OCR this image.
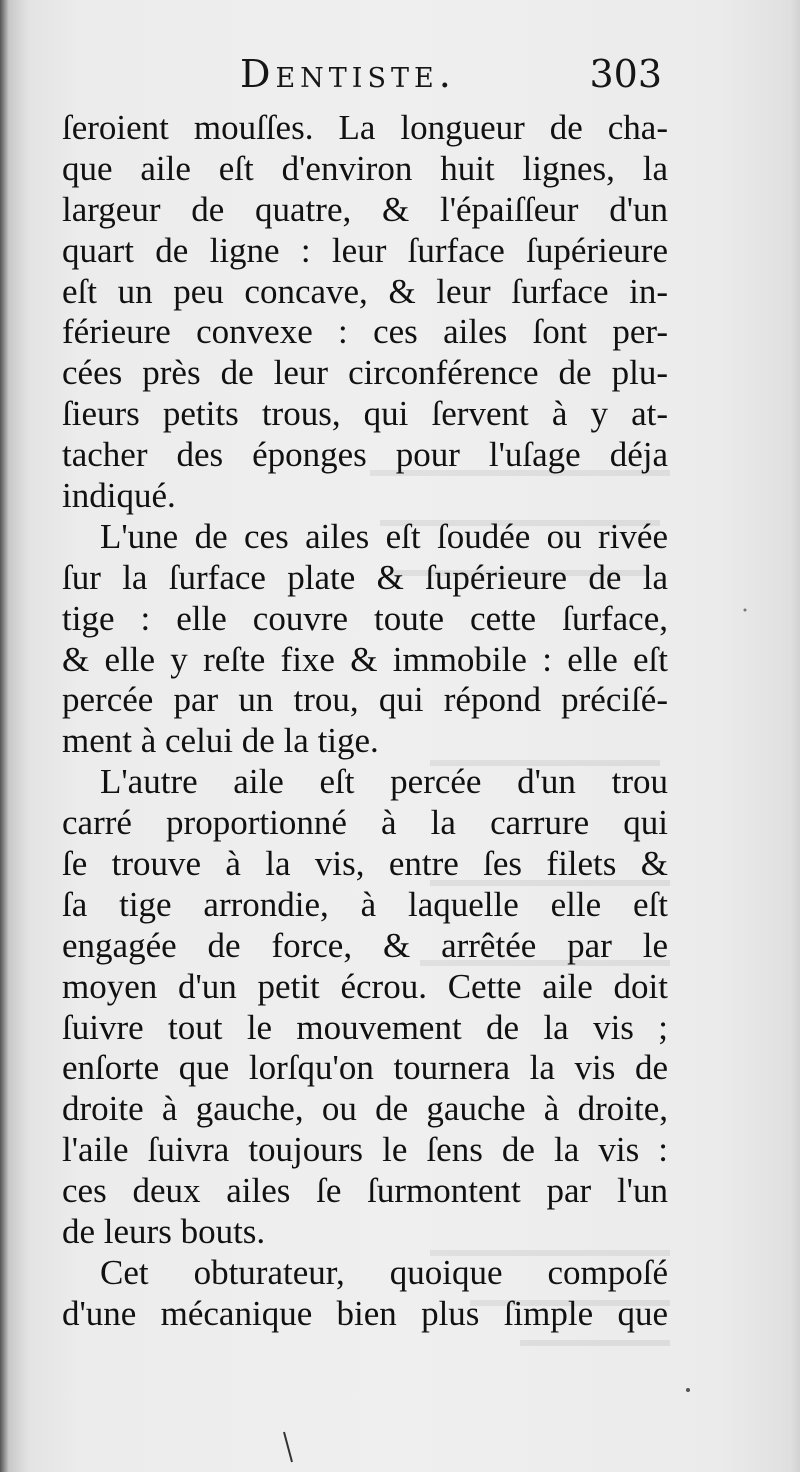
Dentiste.	303
ſeroient mouſſes. La longueur de cha-
que aile eſt d'environ huit lignes, la
largeur de quatre, & l'épaiſſeur d'un
quart de ligne : leur ſurface ſupérieure
eſt un peu concave, & leur ſurface in-
férieure convexe : ces ailes ſont per-
cées près de leur circonférence de plu-
ſieurs petits trous, qui ſervent à y at-
tacher des éponges pour l'uſage déja
indiqué.
L'une de ces ailes eſt ſoudée ou rivée
ſur la ſurface plate & ſupérieure de la
tige : elle couvre toute cette ſurface,
& elle y reſte fixe & immobile : elle eſt
percée par un trou, qui répond préciſé-
ment à celui de la tige.
L'autre aile eſt percée d'un trou
carré proportionné à la carrure qui
ſe trouve à la vis, entre ſes filets &
ſa tige arrondie, à laquelle elle eſt
engagée de force, & arrêtée par le
moyen d'un petit écrou. Cette aile doit
ſuivre tout le mouvement de la vis ;
enſorte que lorſqu'on tournera la vis de
droite à gauche, ou de gauche à droite,
l'aile ſuivra toujours le ſens de la vis :
ces deux ailes ſe ſurmontent par l'un
de leurs bouts.
Cet obturateur, quoique compoſé
d'une mécanique bien plus ſimple que
